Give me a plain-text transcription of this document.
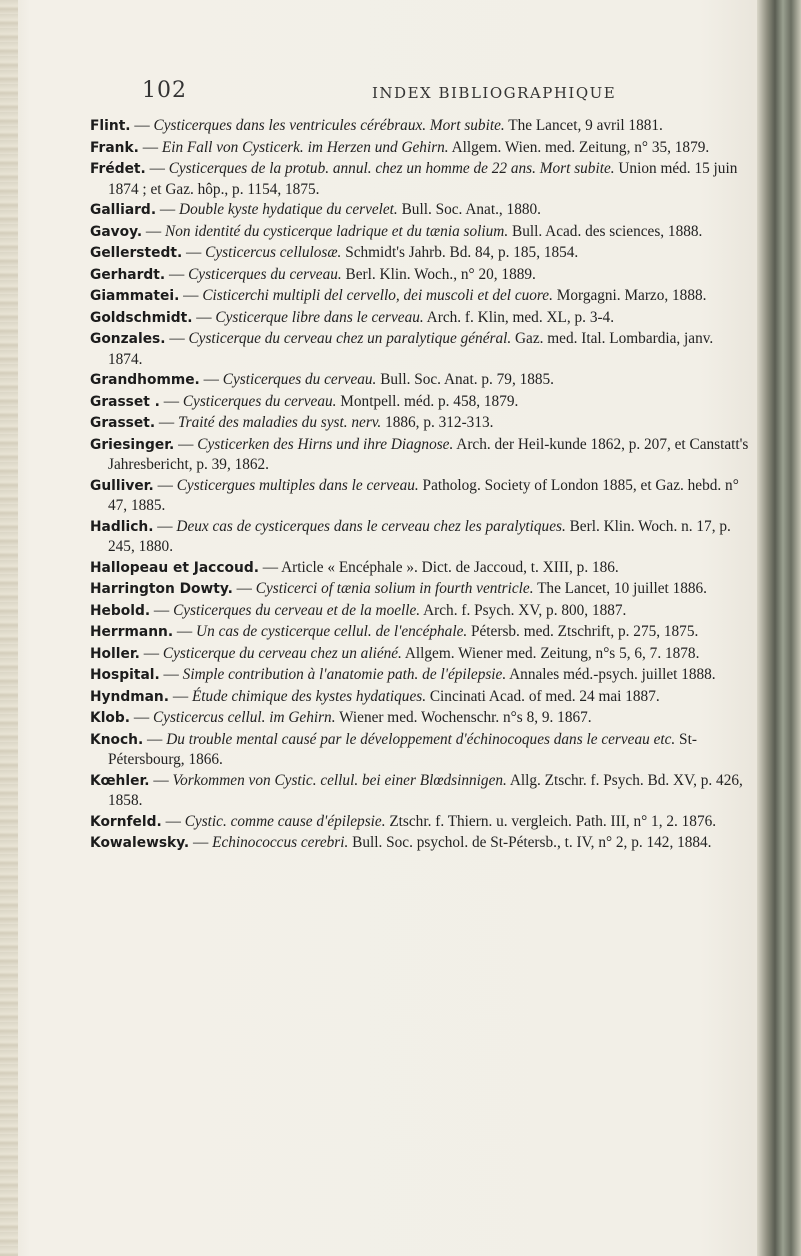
102	INDEX BIBLIOGRAPHIQUE

Flint. — Cysticerques dans les ventricules cérébraux. Mort subite. The Lancet, 9 avril 1881.

Frank. — Ein Fall von Cysticerk. im Herzen und Gehirn. Allgem. Wien. med. Zeitung, n° 35, 1879.

Frédet. — Cysticerques de la protub. annul. chez un homme de 22 ans. Mort subite. Union méd. 15 juin 1874 ; et Gaz. hôp., p. 1154, 1875.

Galliard. — Double kyste hydatique du cervelet. Bull. Soc. Anat., 1880.

Gavoy. — Non identité du cysticerque ladrique et du tænia solium. Bull. Acad. des sciences, 1888.

Gellerstedt. — Cysticercus cellulosæ. Schmidt's Jahrb. Bd. 84, p. 185, 1854.

Gerhardt. — Cysticerques du cerveau. Berl. Klin. Woch., n° 20, 1889.

Giammatei. — Cisticerchi multipli del cervello, dei muscoli et del cuore. Morgagni. Marzo, 1888.

Goldschmidt. — Cysticerque libre dans le cerveau. Arch. f. Klin, med. XL, p. 3-4.

Gonzales. — Cysticerque du cerveau chez un paralytique général. Gaz. med. Ital. Lombardia, janv. 1874.

Grandhomme. — Cysticerques du cerveau. Bull. Soc. Anat. p. 79, 1885.

Grasset . — Cysticerques du cerveau. Montpell. méd. p. 458, 1879.

Grasset. — Traité des maladies du syst. nerv. 1886, p. 312-313.

Griesinger. — Cysticerken des Hirns und ihre Diagnose. Arch. der Heil-kunde 1862, p. 207, et Canstatt's Jahresbericht, p. 39, 1862.

Gulliver. — Cysticergues multiples dans le cerveau. Patholog. Society of London 1885, et Gaz. hebd. n° 47, 1885.

Hadlich. — Deux cas de cysticerques dans le cerveau chez les paralytiques. Berl. Klin. Woch. n. 17, p. 245, 1880.

Hallopeau et Jaccoud. — Article « Encéphale ». Dict. de Jaccoud, t. XIII, p. 186.

Harrington Dowty. — Cysticerci of tænia solium in fourth ventricle. The Lancet, 10 juillet 1886.

Hebold. — Cysticerques du cerveau et de la moelle. Arch. f. Psych. XV, p. 800, 1887.

Herrmann. — Un cas de cysticerque cellul. de l'encéphale. Pétersb. med. Ztschrift, p. 275, 1875.

Holler. — Cysticerque du cerveau chez un aliéné. Allgem. Wiener med. Zeitung, n°s 5, 6, 7. 1878.

Hospital. — Simple contribution à l'anatomie path. de l'épilepsie. Annales méd.-psych. juillet 1888.

Hyndman. — Étude chimique des kystes hydatiques. Cincinati Acad. of med. 24 mai 1887.

Klob. — Cysticercus cellul. im Gehirn. Wiener med. Wochenschr. n°s 8, 9. 1867.

Knoch. — Du trouble mental causé par le développement d'échinocoques dans le cerveau etc. St-Pétersbourg, 1866.

Kœhler. — Vorkommen von Cystic. cellul. bei einer Blœdsinnigen. Allg. Ztschr. f. Psych. Bd. XV, p. 426, 1858.

Kornfeld. — Cystic. comme cause d'épilepsie. Ztschr. f. Thiern. u. vergleich. Path. III, n° 1, 2. 1876.

Kowalewsky. — Echinococcus cerebri. Bull. Soc. psychol. de St-Pétersb., t. IV, n° 2, p. 142, 1884.
